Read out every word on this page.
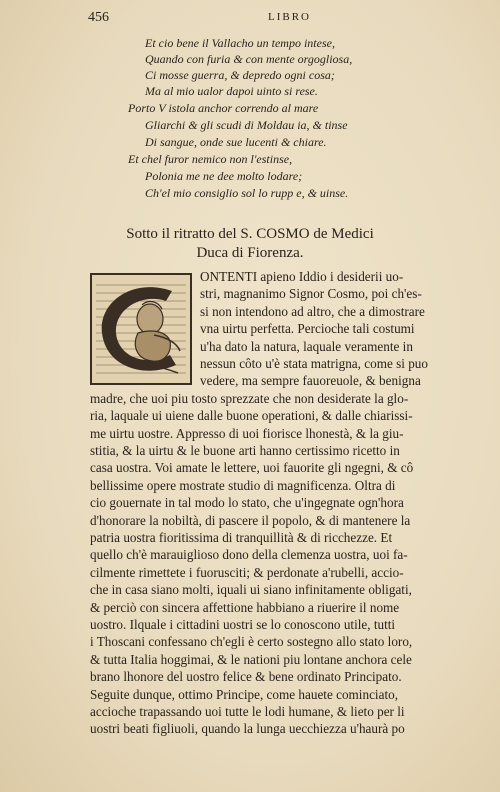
456	LIBRO
Et cio bene il Vallacho un tempo intese,
Quando con furia & con mente orgogliosa,
Ci mosse guerra, & depredo ogni cosa;
Ma al mio ualor dapoi uinto si rese.
Porto V istola anchor correndo al mare
Gliarchi & gli scudi di Moldau ia, & tinse
Di sangue, onde sue lucenti & chiare.
Et chel furor nemico non l'estinse,
Polonia me ne dee molto lodare;
Ch'el mio consiglio sol lo rupp e, & uinse.
Sotto il ritratto del S. COSMO de Medici
Duca di Fiorenza.
ONTENTI apieno Iddio i desiderii uo-
stri, magnanimo Signor Cosmo, poi ch'es-
si non intendono ad altro, che a dimostrare
vna uirtu perfetta. Percioche tali costumi
u'ha dato la natura, laquale veramente in
nessun côto u'è stata matrigna, come si puo
vedere, ma sempre fauoreuole, & benigna
madre, che uoi piu tosto sprezzate che non desiderate la glo-
ria, laquale ui uiene dalle buone operationi, & dalle chiarissi-
me uirtu uostre. Appresso di uoi fiorisce lhonestà, & la giu-
stitia, & la uirtu & le buone arti hanno certissimo ricetto in
casa uostra. Voi amate le lettere, uoi fauorite gli ngegni, & cô
bellissime opere mostrate studio di magnificenza. Oltra di
cio gouernate in tal modo lo stato, che u'ingegnate ogn'hora
d'honorare la nobiltà, di pascere il popolo, & di mantenere la
patria uostra fioritissima di tranquillità & di ricchezze. Et
quello ch'è marauiglioso dono della clemenza uostra, uoi fa-
cilmente rimettete i fuorusciti; & perdonate a'rubelli, accio-
che in casa siano molti, iquali ui siano infinitamente obligati,
& perciò con sincera affettione habbiano a riuerire il nome
uostro. Ilquale i cittadini uostri se lo conoscono utile, tutti
i Thoscani confessano ch'egli è certo sostegno allo stato loro,
& tutta Italia hoggimai, & le nationi piu lontane anchora cele
brano lhonore del uostro felice & bene ordinato Principato.
Seguite dunque, ottimo Principe, come hauete cominciato,
accioche trapassando uoi tutte le lodi humane, & lieto per li
uostri beati figliuoli, quando la lunga uecchiezza u'haurà po
